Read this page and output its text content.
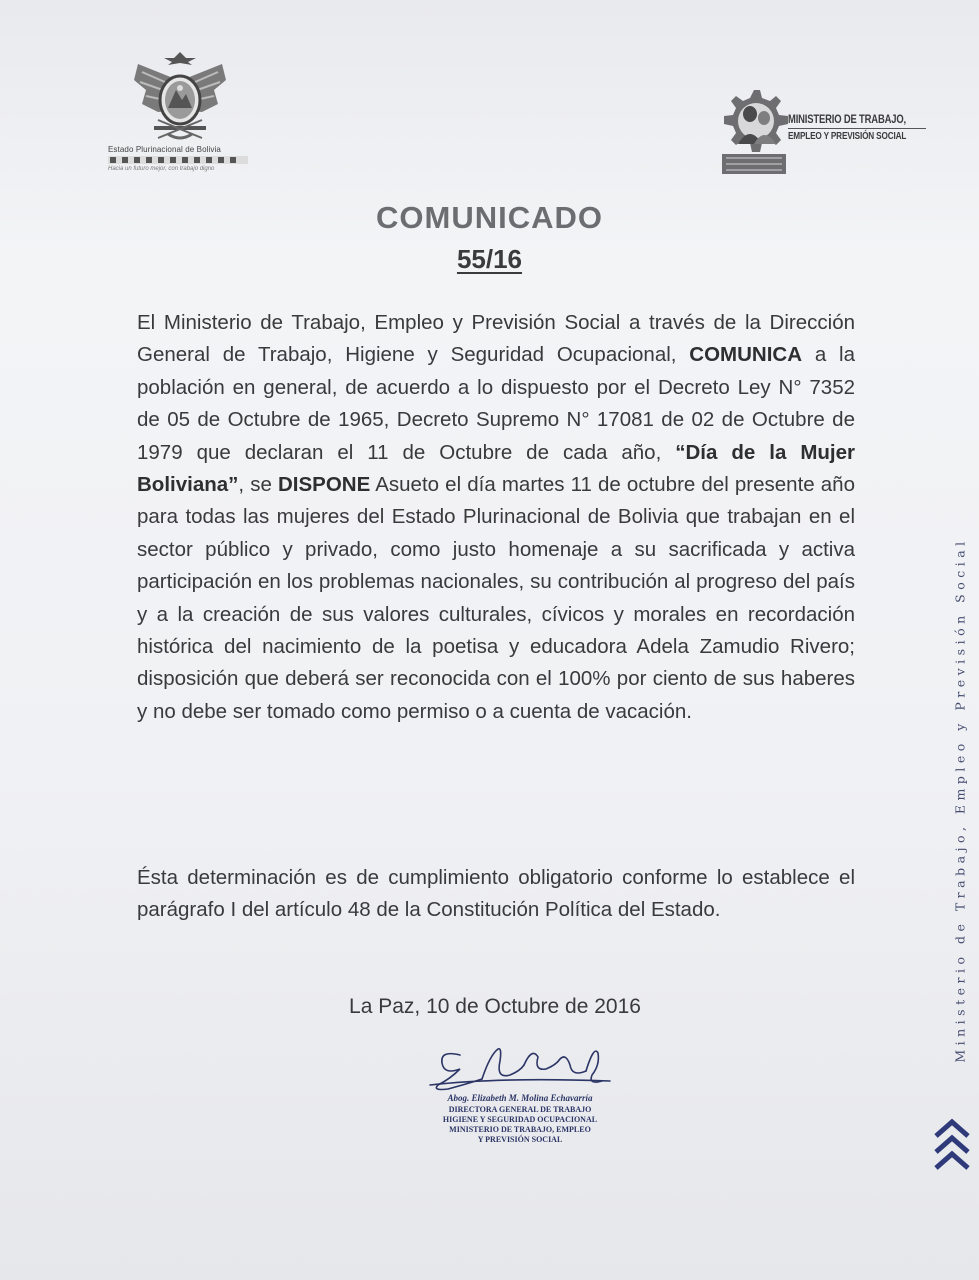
Estado Plurinacional de Bolivia
Hacia un futuro mejor, con trabajo digno
MINISTERIO DE TRABAJO,
EMPLEO Y PREVISIÓN SOCIAL
COMUNICADO
55/16
El Ministerio de Trabajo, Empleo y Previsión Social a través de la Dirección General de Trabajo, Higiene y Seguridad Ocupacional, COMUNICA a la población en general, de acuerdo a lo dispuesto por el Decreto Ley N° 7352 de 05 de Octubre de 1965, Decreto Supremo N° 17081 de 02 de Octubre de 1979 que declaran el 11 de Octubre de cada año, “Día de la Mujer Boliviana”, se DISPONE Asueto el día martes 11 de octubre del presente año para todas las mujeres del Estado Plurinacional de Bolivia que trabajan en el sector público y privado, como justo homenaje a su sacrificada y activa participación en los problemas nacionales, su contribución al progreso del país y a la creación de sus valores culturales, cívicos y morales en recordación histórica del nacimiento de la poetisa y educadora Adela Zamudio Rivero; disposición que deberá ser reconocida con el 100% por ciento de sus haberes y no debe ser tomado como permiso o a cuenta de vacación.
Ésta determinación es de cumplimiento obligatorio conforme lo establece el parágrafo I del artículo 48 de la Constitución Política del Estado.
La Paz, 10 de Octubre de 2016
Abog. Elizabeth M. Molina Echavarría
DIRECTORA GENERAL DE TRABAJO
HIGIENE Y SEGURIDAD OCUPACIONAL
MINISTERIO DE TRABAJO, EMPLEO
Y PREVISIÓN SOCIAL
Ministerio de Trabajo, Empleo y Previsión Social
